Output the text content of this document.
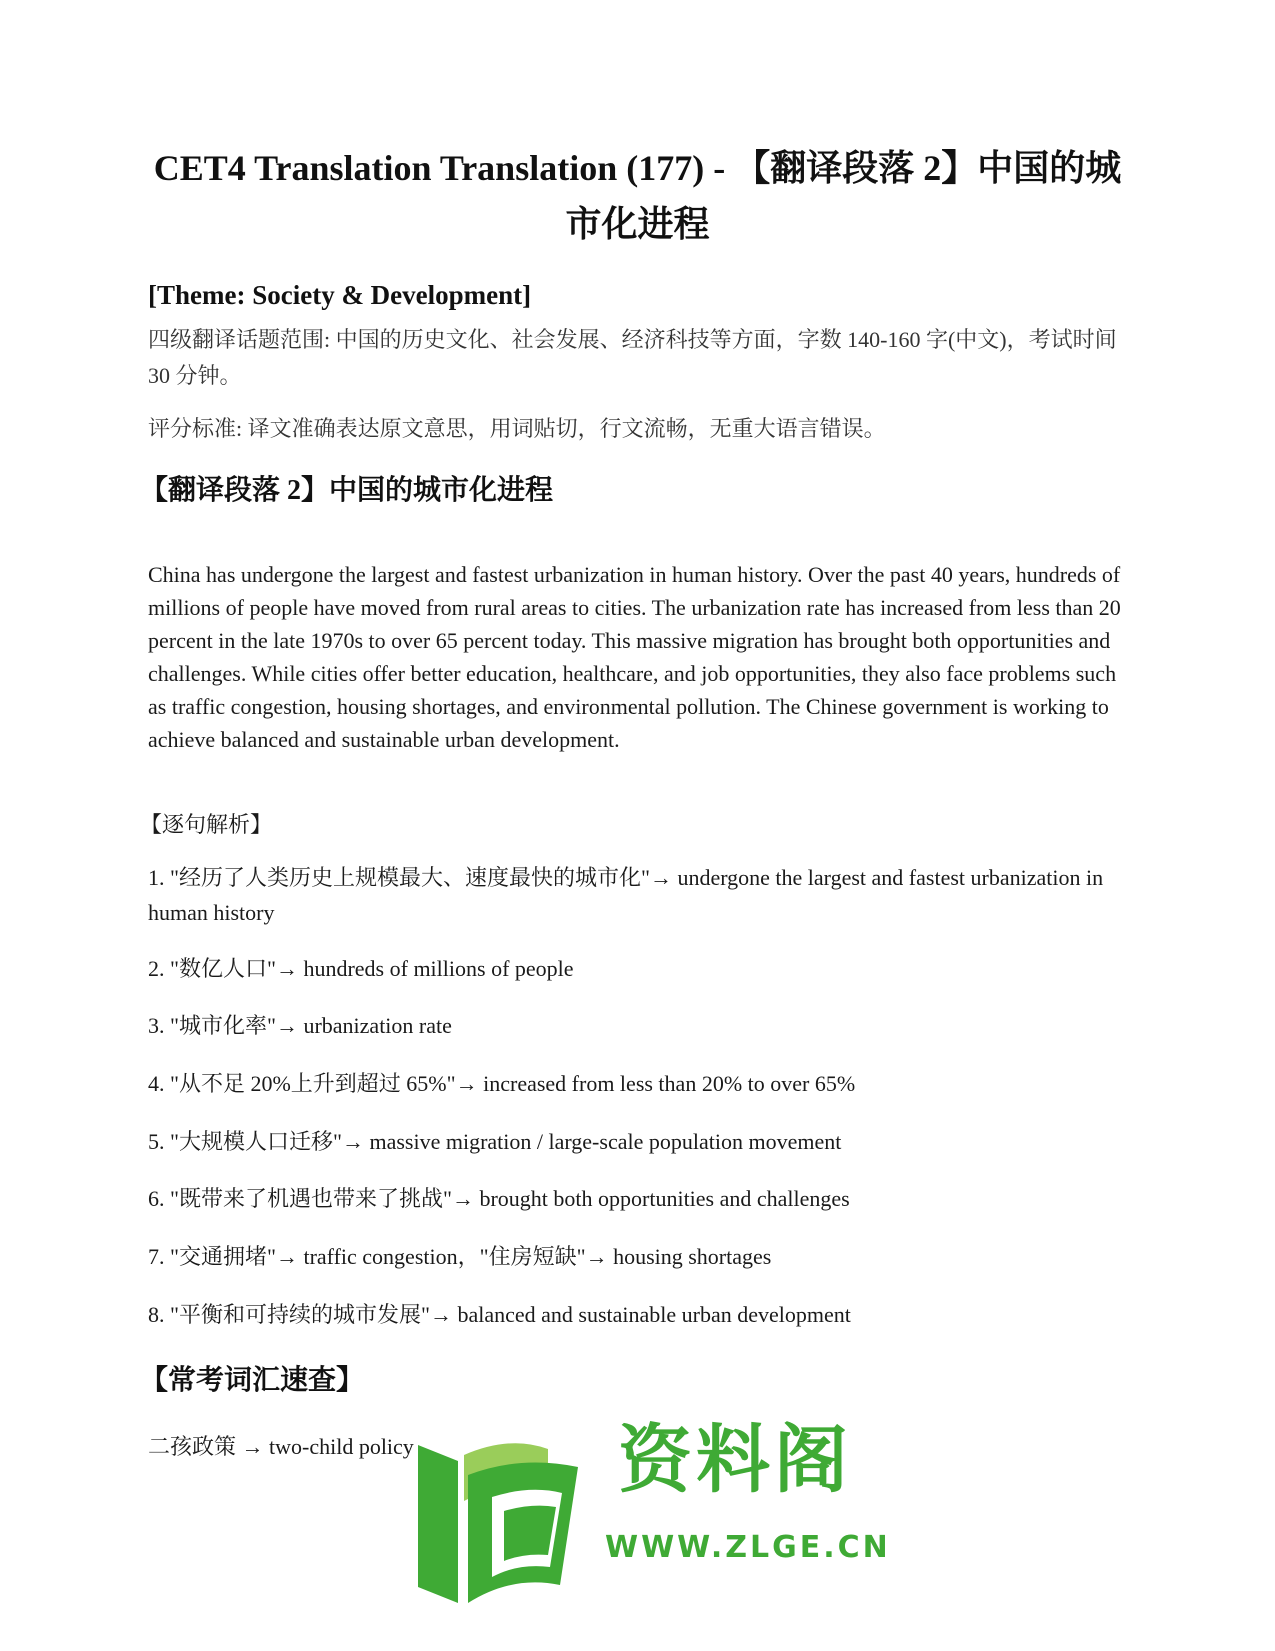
CET4 Translation Translation (177) - 【翻译段落 2】中国的城市化进程
[Theme: Society & Development]

四级翻译话题范围: 中国的历史文化、社会发展、经济科技等方面，字数 140-160 字(中文)，考试时间 30 分钟。

评分标准: 译文准确表达原文意思，用词贴切，行文流畅，无重大语言错误。

【翻译段落 2】中国的城市化进程

China has undergone the largest and fastest urbanization in human history. Over the past 40 years, hundreds of millions of people have moved from rural areas to cities. The urbanization rate has increased from less than 20 percent in the late 1970s to over 65 percent today. This massive migration has brought both opportunities and challenges. While cities offer better education, healthcare, and job opportunities, they also face problems such as traffic congestion, housing shortages, and environmental pollution. The Chinese government is working to achieve balanced and sustainable urban development.

【逐句解析】

1. "经历了人类历史上规模最大、速度最快的城市化"→ undergone the largest and fastest urbanization in human history

2. "数亿人口"→ hundreds of millions of people

3. "城市化率"→ urbanization rate

4. "从不足 20%上升到超过 65%"→ increased from less than 20% to over 65%

5. "大规模人口迁移"→ massive migration / large-scale population movement

6. "既带来了机遇也带来了挑战"→ brought both opportunities and challenges

7. "交通拥堵"→ traffic congestion，"住房短缺"→ housing shortages

8. "平衡和可持续的城市发展"→ balanced and sustainable urban development

【常考词汇速查】

二孩政策 → two-child policy	资料阁
WWW.ZLGE.CN
